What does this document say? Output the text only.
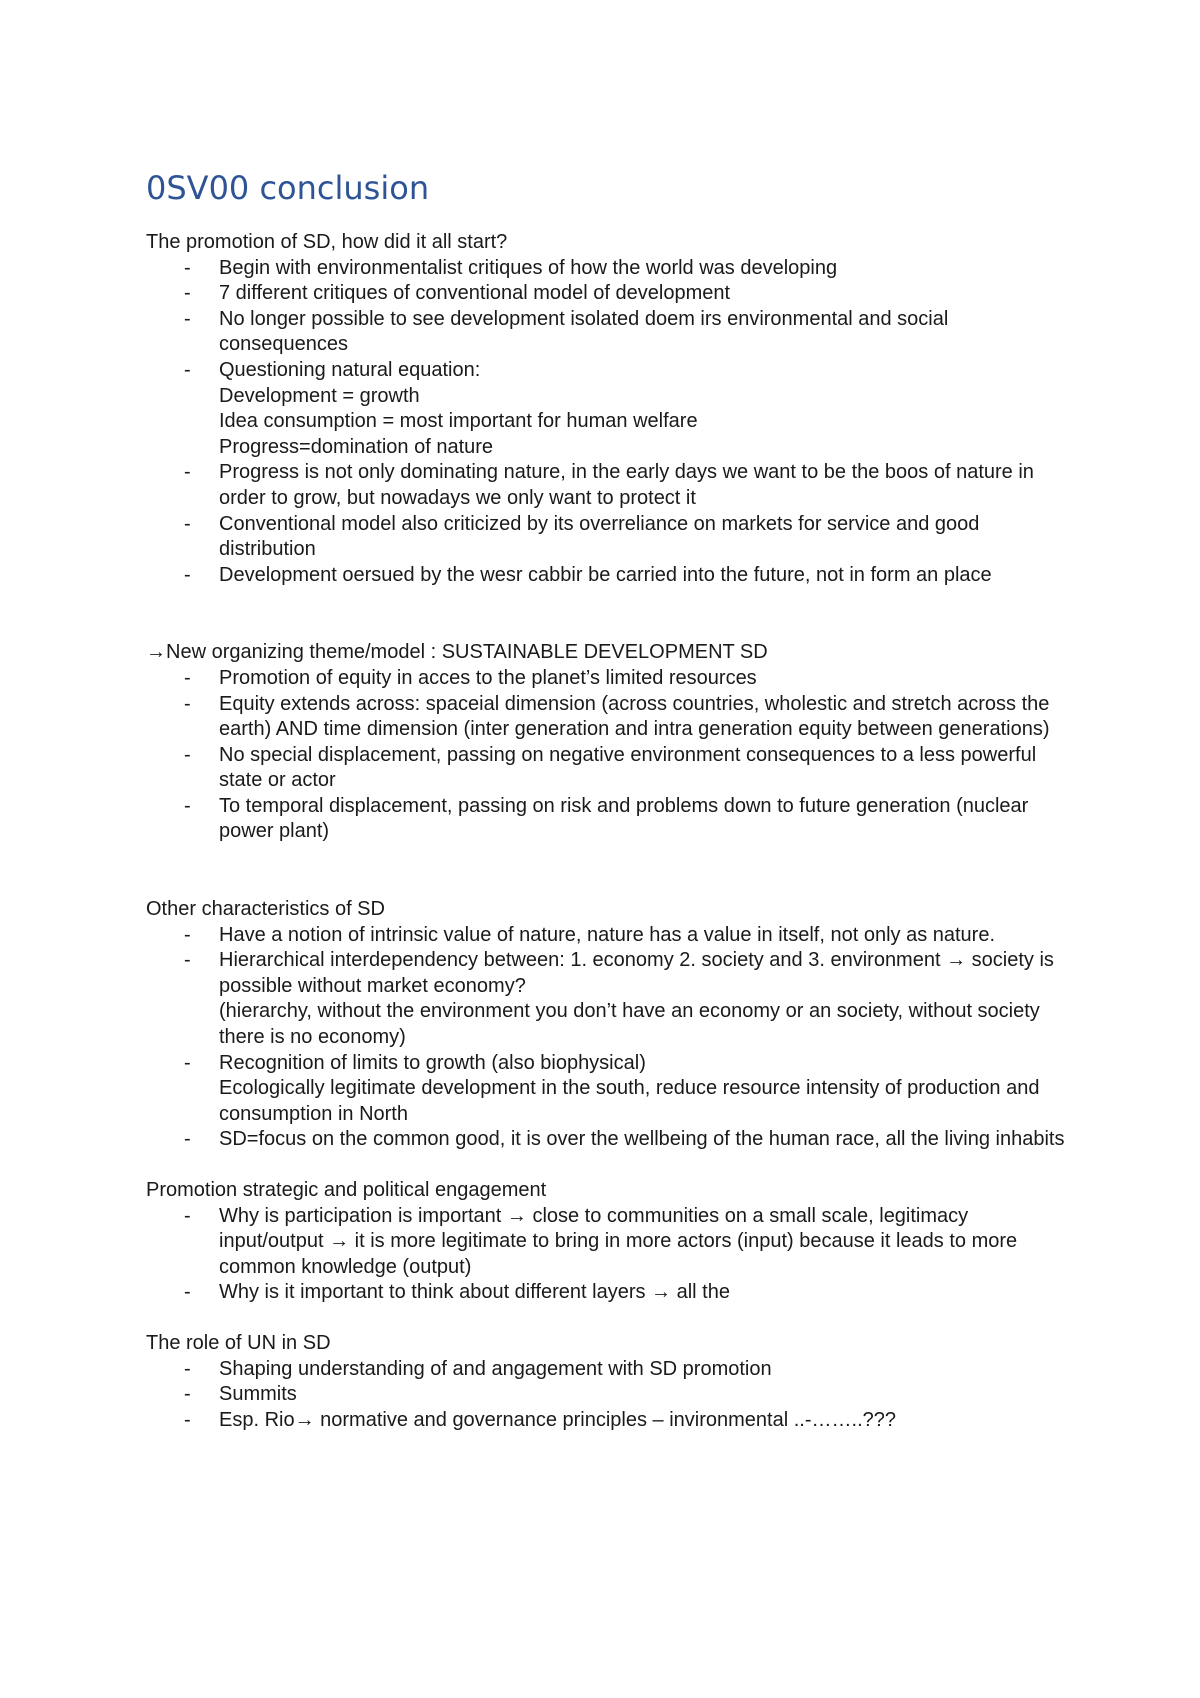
0SV00 conclusion

The promotion of SD, how did it all start?

- Begin with environmentalist critiques of how the world was developing
- 7 different critiques of conventional model of development
- No longer possible to see development isolated doem irs environmental and social consequences
- Questioning natural equation:
Development = growth
Idea consumption = most important for human welfare
Progress=domination of nature
- Progress is not only dominating nature, in the early days we want to be the boos of nature in order to grow, but nowadays we only want to protect it
- Conventional model also criticized by its overreliance on markets for service and good distribution
- Development oersued by the wesr cabbir be carried into the future, not in form an place

→New organizing theme/model : SUSTAINABLE DEVELOPMENT SD

- Promotion of equity in acces to the planet’s limited resources
- Equity extends across: spaceial dimension (across countries, wholestic and stretch across the earth) AND time dimension (inter generation and intra generation equity between generations)
- No special displacement, passing on negative environment consequences to a less powerful state or actor
- To temporal displacement, passing on risk and problems down to future generation (nuclear power plant)

Other characteristics of SD

- Have a notion of intrinsic value of nature, nature has a value in itself, not only as nature.
- Hierarchical interdependency between: 1. economy 2. society and 3. environment → society is possible without market economy?
(hierarchy, without the environment you don’t have an economy or an society, without society there is no economy)
- Recognition of limits to growth (also biophysical)
Ecologically legitimate development in the south, reduce resource intensity of production and consumption in North
- SD=focus on the common good, it is over the wellbeing of the human race, all the living inhabits

Promotion strategic and political engagement

- Why is participation is important → close to communities on a small scale, legitimacy input/output → it is more legitimate to bring in more actors (input) because it leads to more common knowledge (output)
- Why is it important to think about different layers → all the

The role of UN in SD

- Shaping understanding of and angagement with SD promotion
- Summits
- Esp. Rio→ normative and governance principles – invironmental ..-……..???
